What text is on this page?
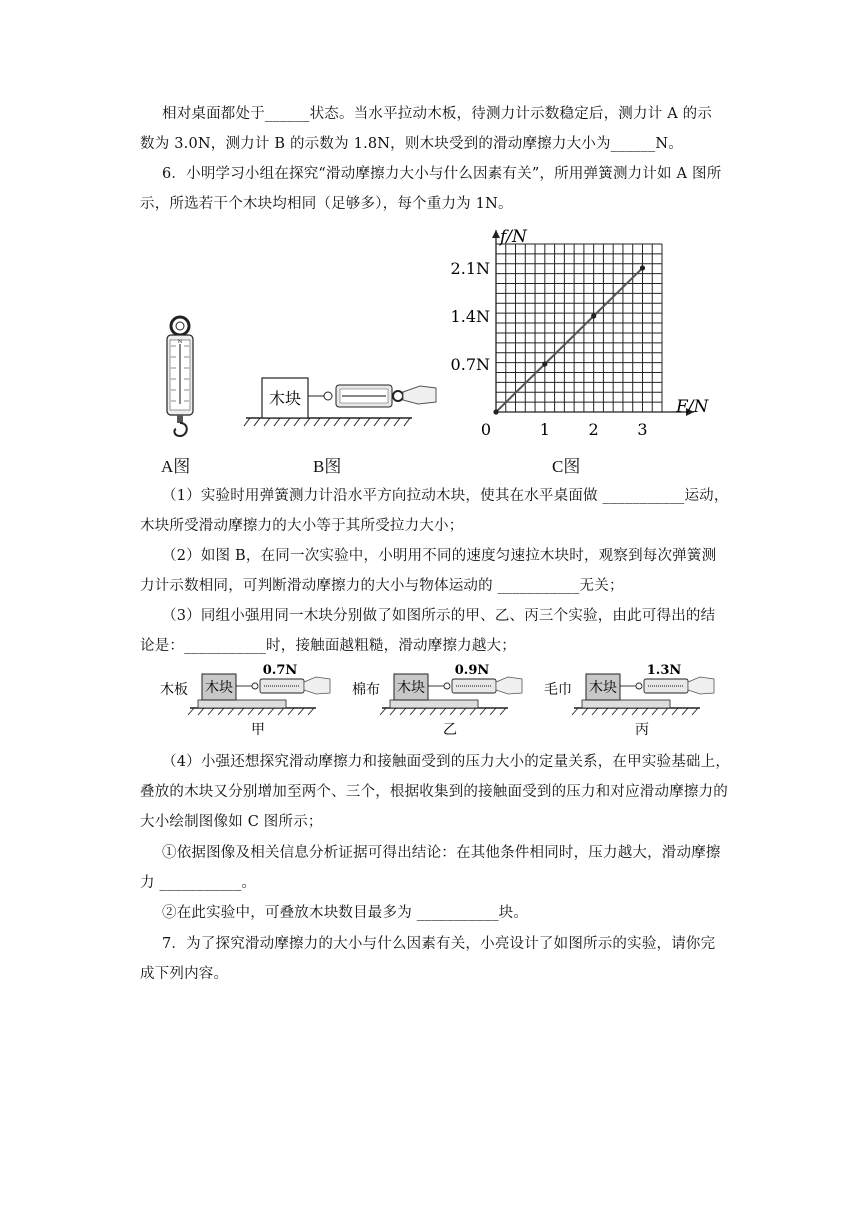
相对桌面都处于______状态。当水平拉动木板，待测力计示数稳定后，测力计 A 的示
数为 3.0N，测力计 B 的示数为 1.8N，则木块受到的滑动摩擦力大小为______N。
6．小明学习小组在探究“滑动摩擦力大小与什么因素有关”，所用弹簧测力计如 A 图所
示，所选若干个木块均相同（足够多），每个重力为 1N。
N
A图
木块
B图
0	1 2 3
0.7N
1.4N
2.1N
f/N
F/N
C图
（1）实验时用弹簧测力计沿水平方向拉动木块，使其在水平桌面做 ___________运动，
木块所受滑动摩擦力的大小等于其所受拉力大小；
（2）如图 B，在同一次实验中，小明用不同的速度匀速拉木块时，观察到每次弹簧测
力计示数相同，可判断滑动摩擦力的大小与物体运动的 ___________无关；
（3）同组小强用同一木块分别做了如图所示的甲、乙、丙三个实验，由此可得出的结
论是：___________时，接触面越粗糙，滑动摩擦力越大；
木板 木块
0.7N
甲
棉布 木块
0.9N
乙
毛巾 木块
1.3N
丙
（4）小强还想探究滑动摩擦力和接触面受到的压力大小的定量关系，在甲实验基础上，
叠放的木块又分别增加至两个、三个，根据收集到的接触面受到的压力和对应滑动摩擦力的
大小绘制图像如 C 图所示；
①依据图像及相关信息分析证据可得出结论：在其他条件相同时，压力越大，滑动摩擦
力 ___________。
②在此实验中，可叠放木块数目最多为 ___________块。
7．为了探究滑动摩擦力的大小与什么因素有关，小亮设计了如图所示的实验，请你完
成下列内容。
